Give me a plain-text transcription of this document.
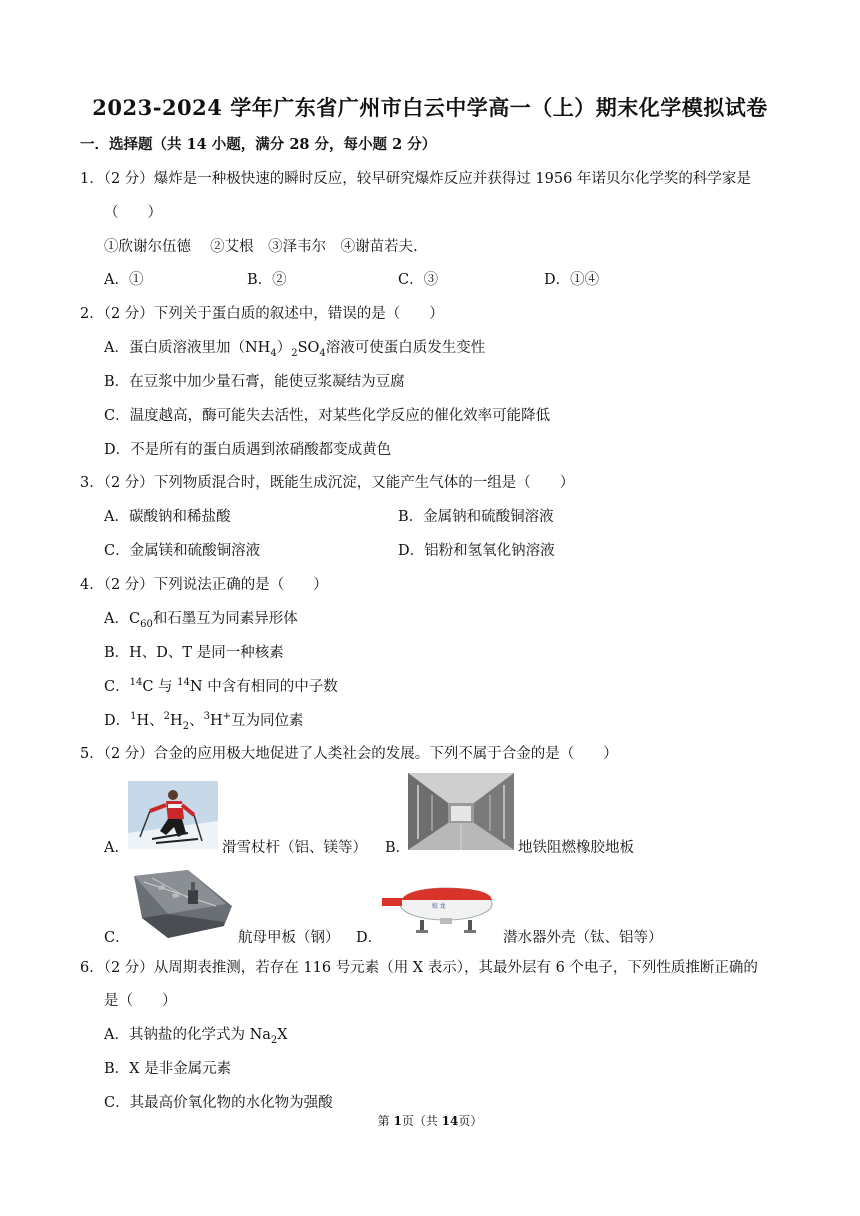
2023-2024 学年广东省广州市白云中学高一（上）期末化学模拟试卷
一．选择题（共 14 小题，满分 28 分，每小题 2 分）
1．（2 分）爆炸是一种极快速的瞬时反应，较早研究爆炸反应并获得过 1956 年诺贝尔化学奖的科学家是
（　　）
①欣谢尔伍德　 ②艾根　③泽韦尔　④谢苗若夫.
A．①	B．②	C．③	D．①④
2．（2 分）下列关于蛋白质的叙述中，错误的是（　　）
A．蛋白质溶液里加$(NH_4)_2SO_4$溶液可使蛋白质发生变性
B．在豆浆中加少量石膏，能使豆浆凝结为豆腐
C．温度越高，酶可能失去活性，对某些化学反应的催化效率可能降低
D．不是所有的蛋白质遇到浓硝酸都变成黄色
3．（2 分）下列物质混合时，既能生成沉淀，又能产生气体的一组是（　　）
A．碳酸钠和稀盐酸	B．金属钠和硫酸铜溶液
C．金属镁和硫酸铜溶液	D．铝粉和氢氧化钠溶液
4．（2 分）下列说法正确的是（　　）
A．$C_{60}$和石墨互为同素异形体
B．H、D、T 是同一种核素
C．$^{14}$C 与 $^{14}$N 中含有相同的中子数
D．$^1$H、$^2H_2$、$^3$H+互为同位素
5．（2 分）合金的应用极大地促进了人类社会的发展。下列不属于合金的是（　　）
A．	滑雪杖杆（铝、镁等） B．	地铁阻燃橡胶地板
C．	航母甲板（钢）
蛟 龙
D．	潜水器外壳（钛、铝等）
6．（2 分）从周期表推测，若存在 116 号元素（用 X 表示），其最外层有 6 个电子，下列性质推断正确的
是（　　）
A．其钠盐的化学式为 $Na_2X$
B．X 是非金属元素
C．其最高价氧化物的水化物为强酸
第 1页（共 14页）
